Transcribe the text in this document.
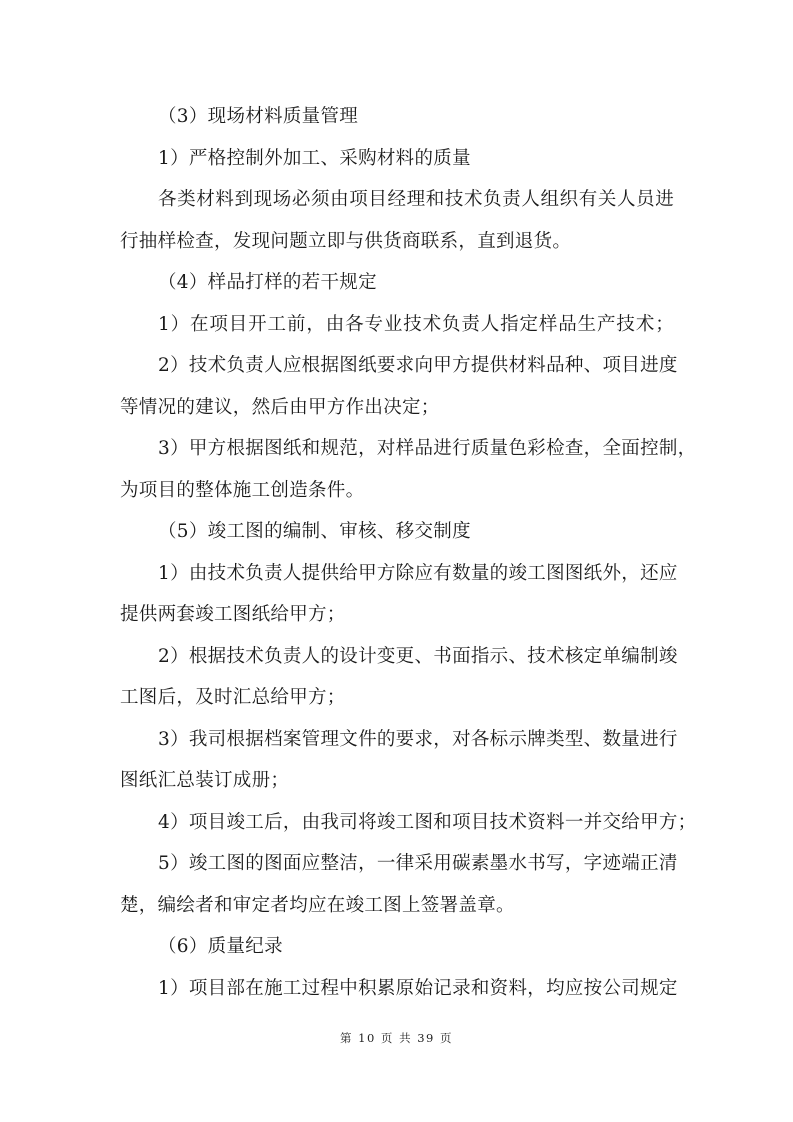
（3）现场材料质量管理
1）严格控制外加工、采购材料的质量
各类材料到现场必须由项目经理和技术负责人组织有关人员进
行抽样检查，发现问题立即与供货商联系，直到退货。
（4）样品打样的若干规定
1）在项目开工前，由各专业技术负责人指定样品生产技术；
2）技术负责人应根据图纸要求向甲方提供材料品种、项目进度
等情况的建议，然后由甲方作出决定；
3）甲方根据图纸和规范，对样品进行质量色彩检查，全面控制，
为项目的整体施工创造条件。
（5）竣工图的编制、审核、移交制度
1）由技术负责人提供给甲方除应有数量的竣工图图纸外，还应
提供两套竣工图纸给甲方；
2）根据技术负责人的设计变更、书面指示、技术核定单编制竣
工图后，及时汇总给甲方；
3）我司根据档案管理文件的要求，对各标示牌类型、数量进行
图纸汇总装订成册；
4）项目竣工后，由我司将竣工图和项目技术资料一并交给甲方；
5）竣工图的图面应整洁，一律采用碳素墨水书写，字迹端正清
楚，编绘者和审定者均应在竣工图上签署盖章。
（6）质量纪录
1）项目部在施工过程中积累原始记录和资料，均应按公司规定
第 10 页 共 39 页
